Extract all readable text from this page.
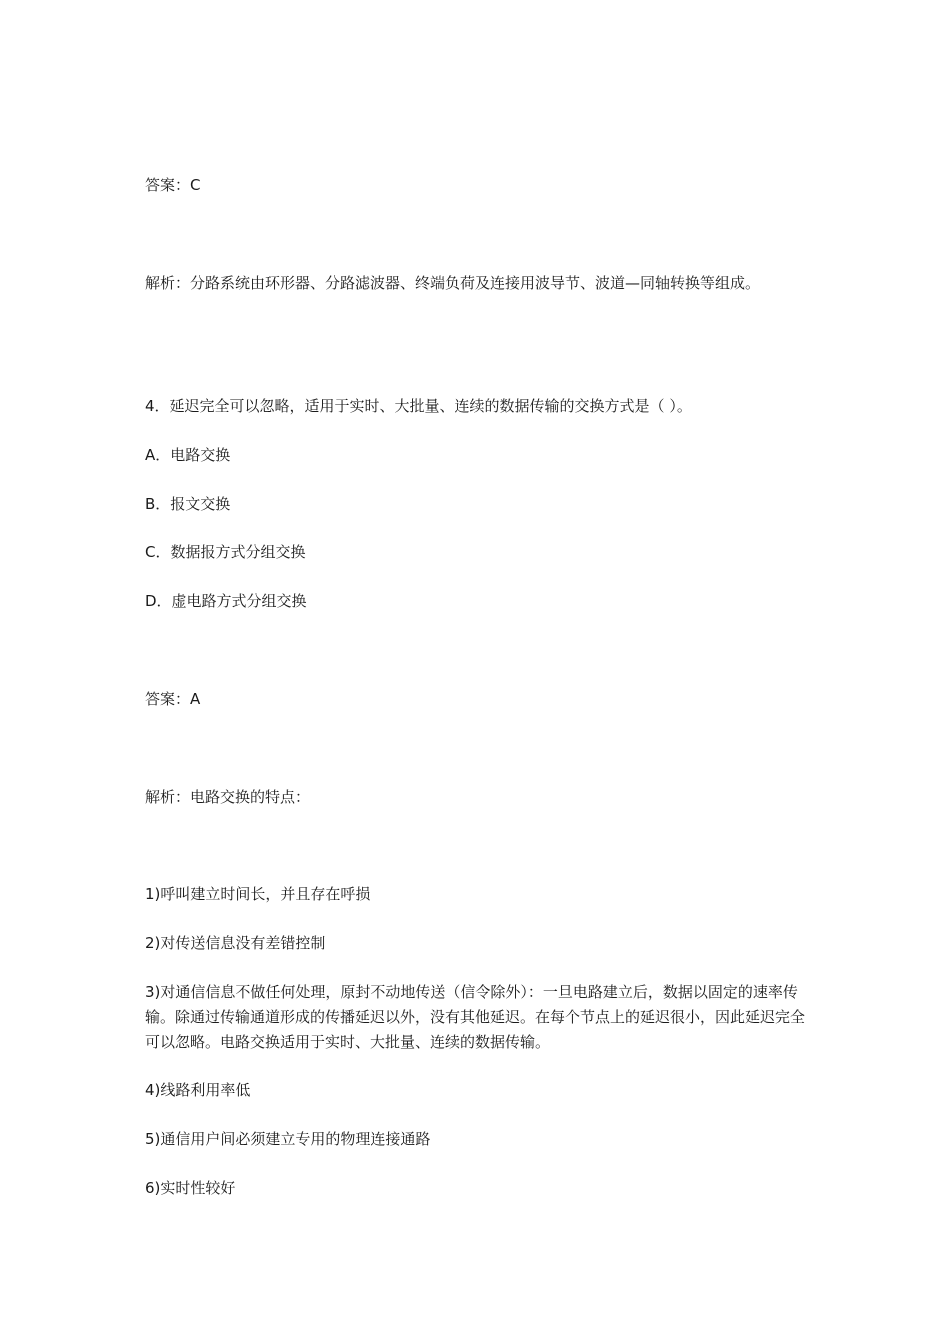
答案：C

解析：分路系统由环形器、分路滤波器、终端负荷及连接用波导节、波道—同轴转换等组成。

4．延迟完全可以忽略，适用于实时、大批量、连续的数据传输的交换方式是（ ）。

A．电路交换

B．报文交换

C．数据报方式分组交换

D．虚电路方式分组交换

答案：A

解析：电路交换的特点：

1)呼叫建立时间长，并且存在呼损

2)对传送信息没有差错控制

3)对通信信息不做任何处理，原封不动地传送（信令除外）：一旦电路建立后，数据以固定的速率传输。除通过传输通道形成的传播延迟以外，没有其他延迟。在每个节点上的延迟很小，因此延迟完全可以忽略。电路交换适用于实时、大批量、连续的数据传输。

4)线路利用率低

5)通信用户间必须建立专用的物理连接通路

6)实时性较好
